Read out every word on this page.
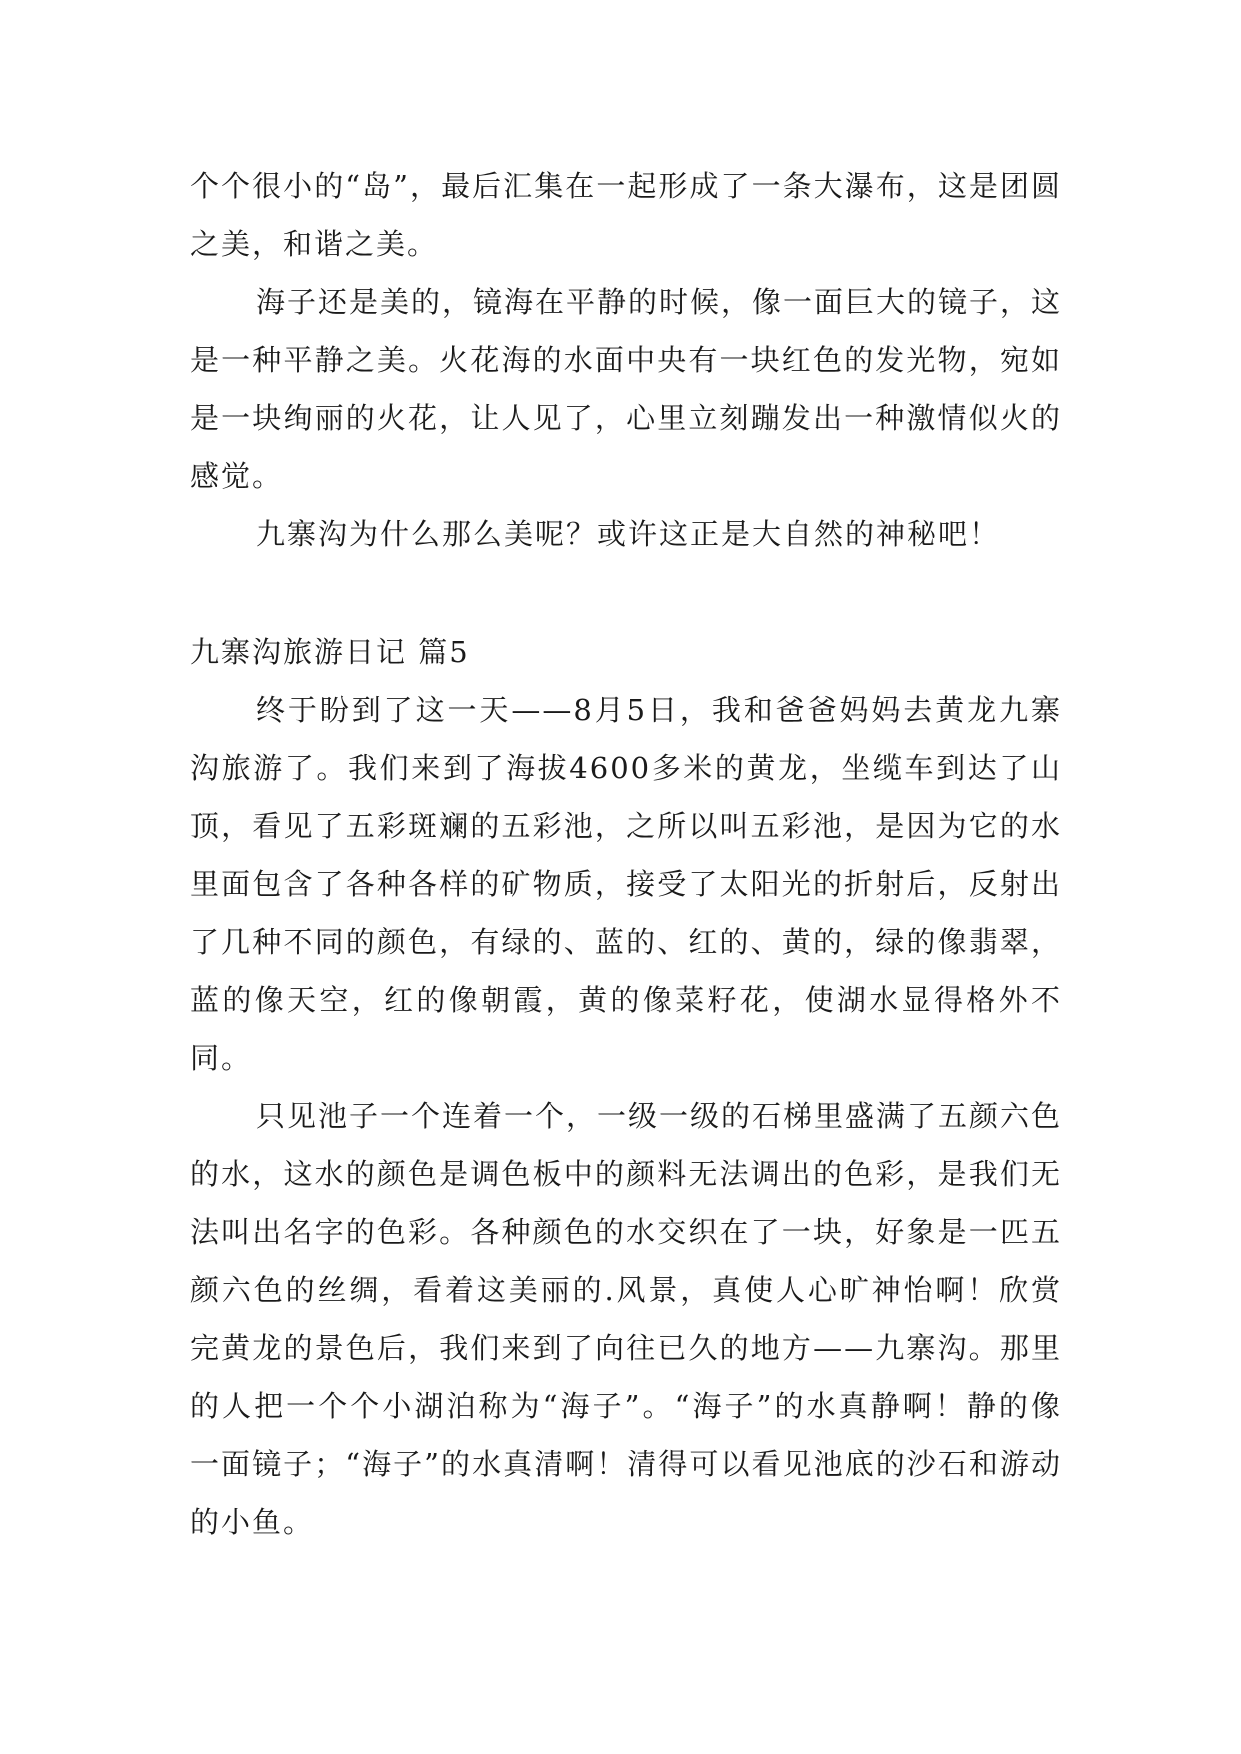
个个很小的“岛”，最后汇集在一起形成了一条大瀑布，这是团圆之美，和谐之美。

海子还是美的，镜海在平静的时候，像一面巨大的镜子，这是一种平静之美。火花海的水面中央有一块红色的发光物，宛如是一块绚丽的火花，让人见了，心里立刻蹦发出一种激情似火的感觉。

九寨沟为什么那么美呢？或许这正是大自然的神秘吧！

九寨沟旅游日记 篇5

终于盼到了这一天——8月5日，我和爸爸妈妈去黄龙九寨沟旅游了。我们来到了海拔4600多米的黄龙，坐缆车到达了山顶，看见了五彩斑斓的五彩池，之所以叫五彩池，是因为它的水里面包含了各种各样的矿物质，接受了太阳光的折射后，反射出了几种不同的颜色，有绿的、蓝的、红的、黄的，绿的像翡翠，蓝的像天空，红的像朝霞，黄的像菜籽花，使湖水显得格外不同。

只见池子一个连着一个，一级一级的石梯里盛满了五颜六色的水，这水的颜色是调色板中的颜料无法调出的色彩，是我们无法叫出名字的色彩。各种颜色的水交织在了一块，好象是一匹五颜六色的丝绸，看着这美丽的.风景，真使人心旷神怡啊！欣赏完黄龙的景色后，我们来到了向往已久的地方——九寨沟。那里的人把一个个小湖泊称为“海子”。“海子”的水真静啊！静的像一面镜子；“海子”的水真清啊！清得可以看见池底的沙石和游动的小鱼。
